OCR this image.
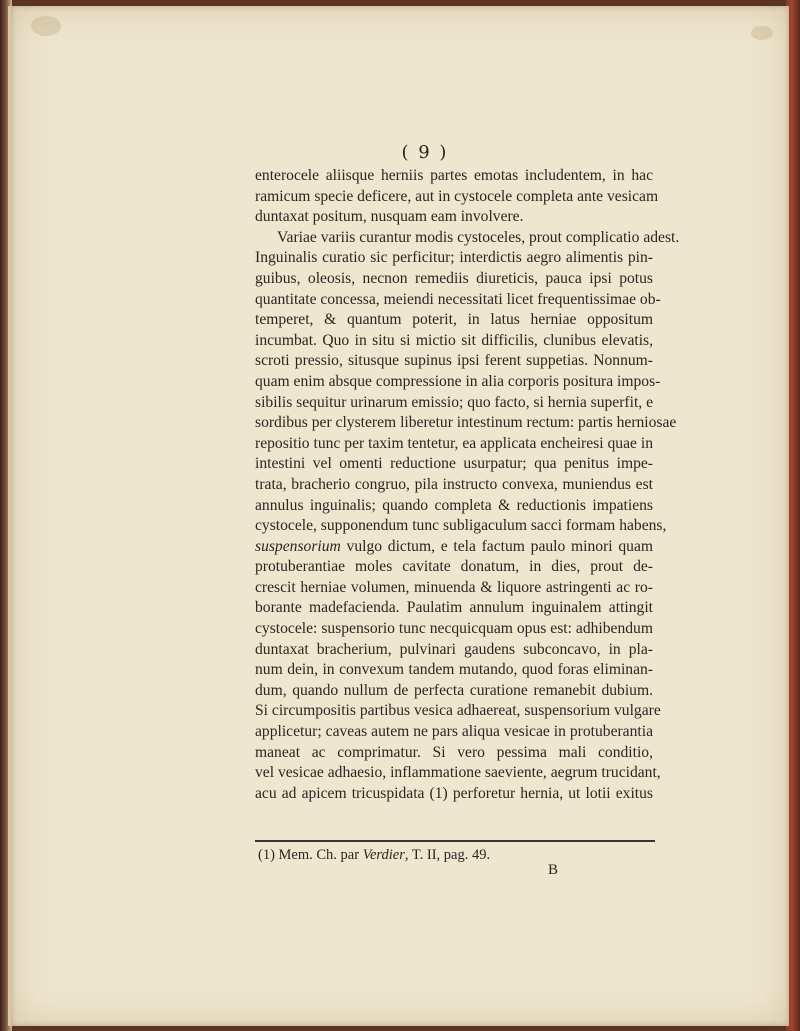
( 9 )
enterocele aliisque herniis partes emotas includentem, in hac
ramicum specie deficere, aut in cystocele completa ante vesicam
duntaxat positum, nusquam eam involvere.
Variae variis curantur modis cystoceles, prout complicatio adest.
Inguinalis curatio sic perficitur; interdictis aegro alimentis pin-
guibus, oleosis, necnon remediis diureticis, pauca ipsi potus
quantitate concessa, meiendi necessitati licet frequentissimae ob-
temperet, & quantum poterit, in latus herniae oppositum
incumbat. Quo in situ si mictio sit difficilis, clunibus elevatis,
scroti pressio, situsque supinus ipsi ferent suppetias. Nonnum-
quam enim absque compressione in alia corporis positura impos-
sibilis sequitur urinarum emissio; quo facto, si hernia superfit, e
sordibus per clysterem liberetur intestinum rectum: partis herniosae
repositio tunc per taxim tentetur, ea applicata encheiresi quae in
intestini vel omenti reductione usurpatur; qua penitus impe-
trata, bracherio congruo, pila instructo convexa, muniendus est
annulus inguinalis; quando completa & reductionis impatiens
cystocele, supponendum tunc subligaculum sacci formam habens,
suspensorium vulgo dictum, e tela factum paulo minori quam
protuberantiae moles cavitate donatum, in dies, prout de-
crescit herniae volumen, minuenda & liquore astringenti ac ro-
borante madefacienda. Paulatim annulum inguinalem attingit
cystocele: suspensorio tunc necquicquam opus est: adhibendum
duntaxat bracherium, pulvinari gaudens subconcavo, in pla-
num dein, in convexum tandem mutando, quod foras eliminan-
dum, quando nullum de perfecta curatione remanebit dubium.
Si circumpositis partibus vesica adhaereat, suspensorium vulgare
applicetur; caveas autem ne pars aliqua vesicae in protuberantia
maneat ac comprimatur. Si vero pessima mali conditio,
vel vesicae adhaesio, inflammatione saeviente, aegrum trucidant,
acu ad apicem tricuspidata (1) perforetur hernia, ut lotii exitus
(1) Mem. Ch. par Verdier, T. II, pag. 49.
B
